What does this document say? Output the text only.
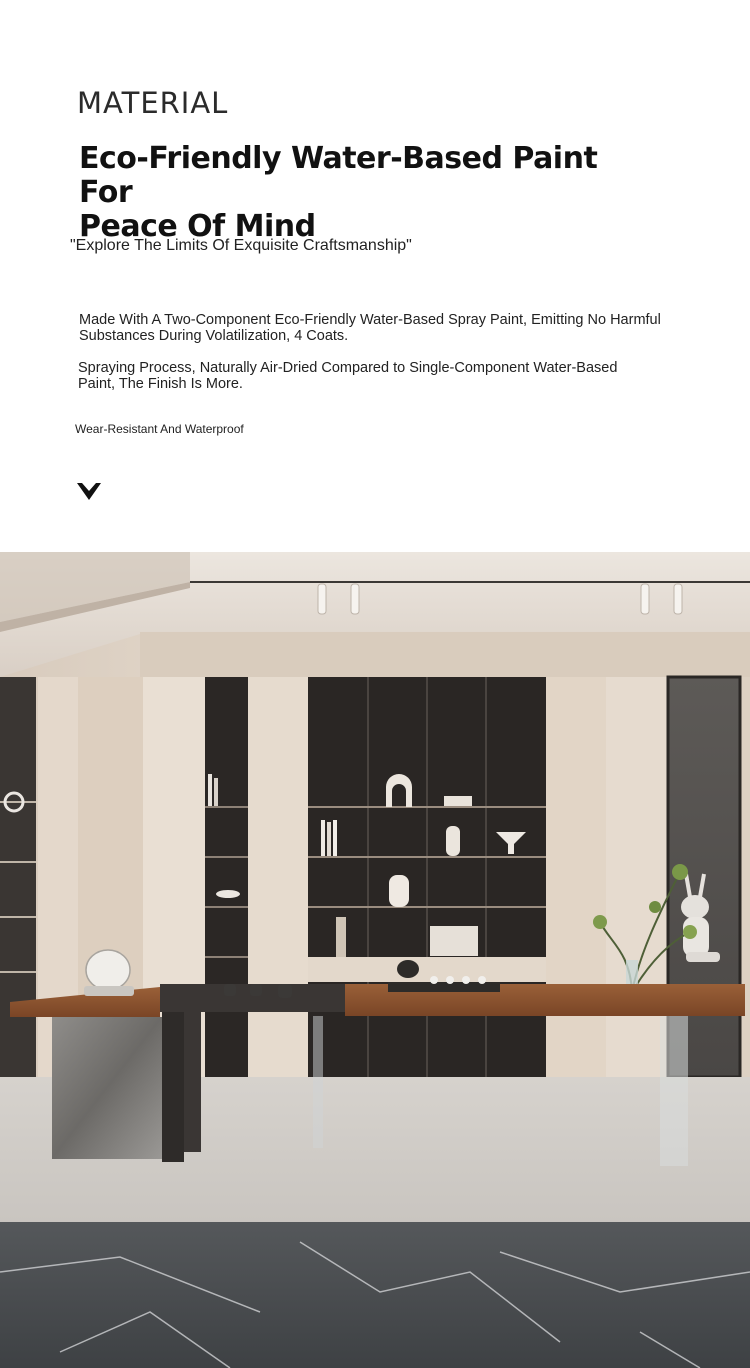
MATERIAL
Eco-Friendly Water-Based Paint For
Peace Of Mind
"Explore The Limits Of Exquisite Craftsmanship"
Made With A Two-Component Eco-Friendly Water-Based Spray Paint, Emitting No Harmful
Substances During Volatilization, 4 Coats.
Spraying Process, Naturally Air-Dried Compared to Single-Component Water-Based
Paint, The Finish Is More.
Wear-Resistant And Waterproof
